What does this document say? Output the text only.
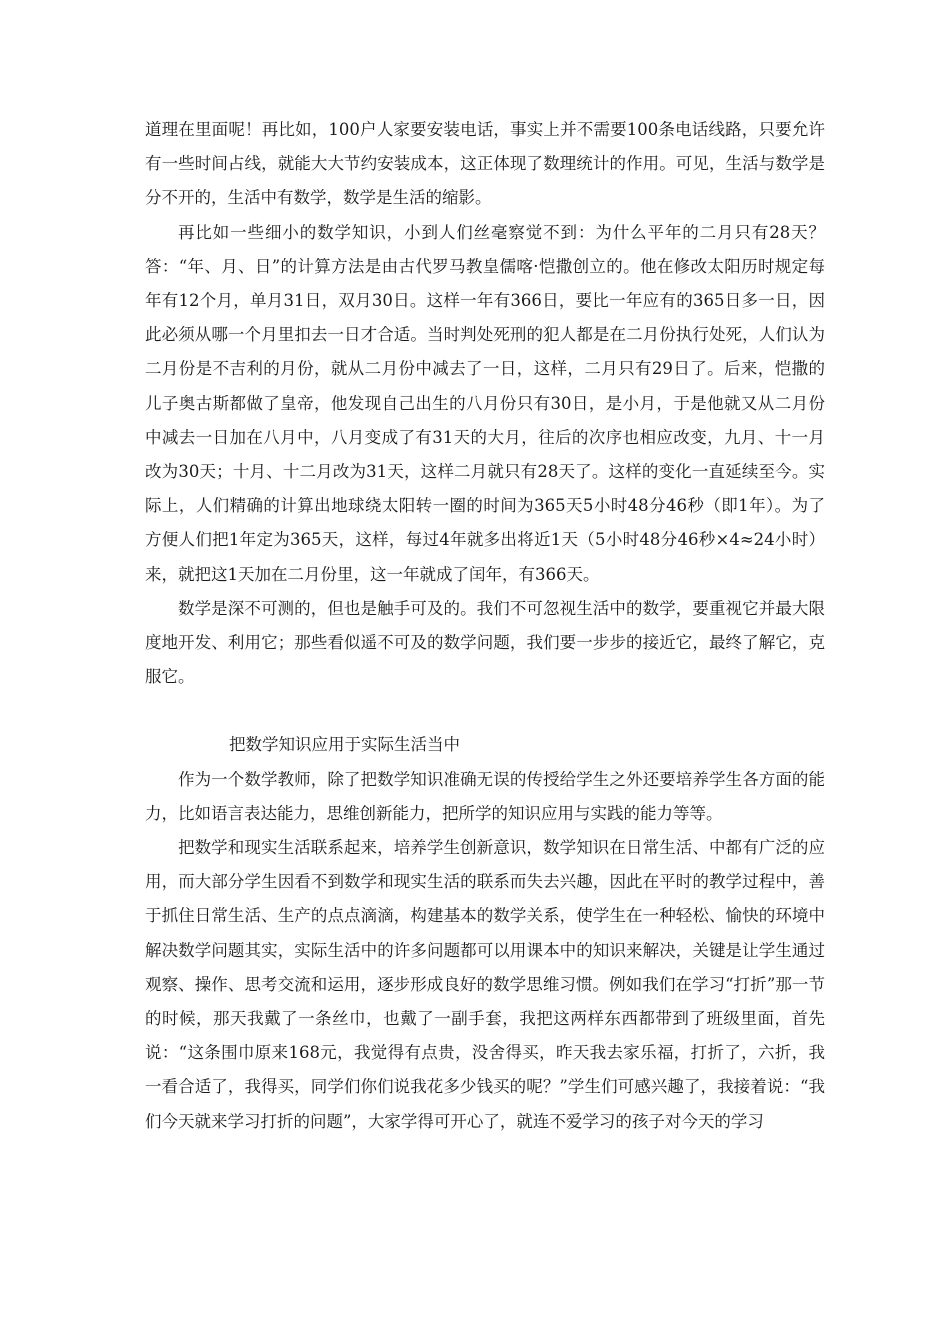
道理在里面呢！再比如，100户人家要安装电话，事实上并不需要100条电话线路，只要允许有一些时间占线，就能大大节约安装成本，这正体现了数理统计的作用。可见，生活与数学是分不开的，生活中有数学，数学是生活的缩影。

再比如一些细小的数学知识，小到人们丝毫察觉不到：为什么平年的二月只有28天？答：“年、月、日”的计算方法是由古代罗马教皇儒喀·恺撒创立的。他在修改太阳历时规定每年有12个月，单月31日，双月30日。这样一年有366日，要比一年应有的365日多一日，因此必须从哪一个月里扣去一日才合适。当时判处死刑的犯人都是在二月份执行处死，人们认为二月份是不吉利的月份，就从二月份中减去了一日，这样，二月只有29日了。后来，恺撒的儿子奥古斯都做了皇帝，他发现自己出生的八月份只有30日，是小月，于是他就又从二月份中减去一日加在八月中，八月变成了有31天的大月，往后的次序也相应改变，九月、十一月改为30天；十月、十二月改为31天，这样二月就只有28天了。这样的变化一直延续至今。实际上，人们精确的计算出地球绕太阳转一圈的时间为365天5小时48分46秒（即1年）。为了方便人们把1年定为365天，这样，每过4年就多出将近1天（5小时48分46秒×4≈24小时）来，就把这1天加在二月份里，这一年就成了闰年，有366天。

数学是深不可测的，但也是触手可及的。我们不可忽视生活中的数学，要重视它并最大限度地开发、利用它；那些看似遥不可及的数学问题，我们要一步步的接近它，最终了解它，克服它。

把数学知识应用于实际生活当中

作为一个数学教师，除了把数学知识准确无误的传授给学生之外还要培养学生各方面的能力，比如语言表达能力，思维创新能力，把所学的知识应用与实践的能力等等。

把数学和现实生活联系起来，培养学生创新意识，数学知识在日常生活、中都有广泛的应用，而大部分学生因看不到数学和现实生活的联系而失去兴趣，因此在平时的教学过程中，善于抓住日常生活、生产的点点滴滴，构建基本的数学关系，使学生在一种轻松、愉快的环境中解决数学问题其实，实际生活中的许多问题都可以用课本中的知识来解决，关键是让学生通过观察、操作、思考交流和运用，逐步形成良好的数学思维习惯。例如我们在学习“打折”那一节的时候，那天我戴了一条丝巾，也戴了一副手套，我把这两样东西都带到了班级里面，首先说：“这条围巾原来168元，我觉得有点贵，没舍得买，昨天我去家乐福，打折了，六折，我一看合适了，我得买，同学们你们说我花多少钱买的呢？”学生们可感兴趣了，我接着说：“我们今天就来学习打折的问题”，大家学得可开心了，就连不爱学习的孩子对今天的学习
